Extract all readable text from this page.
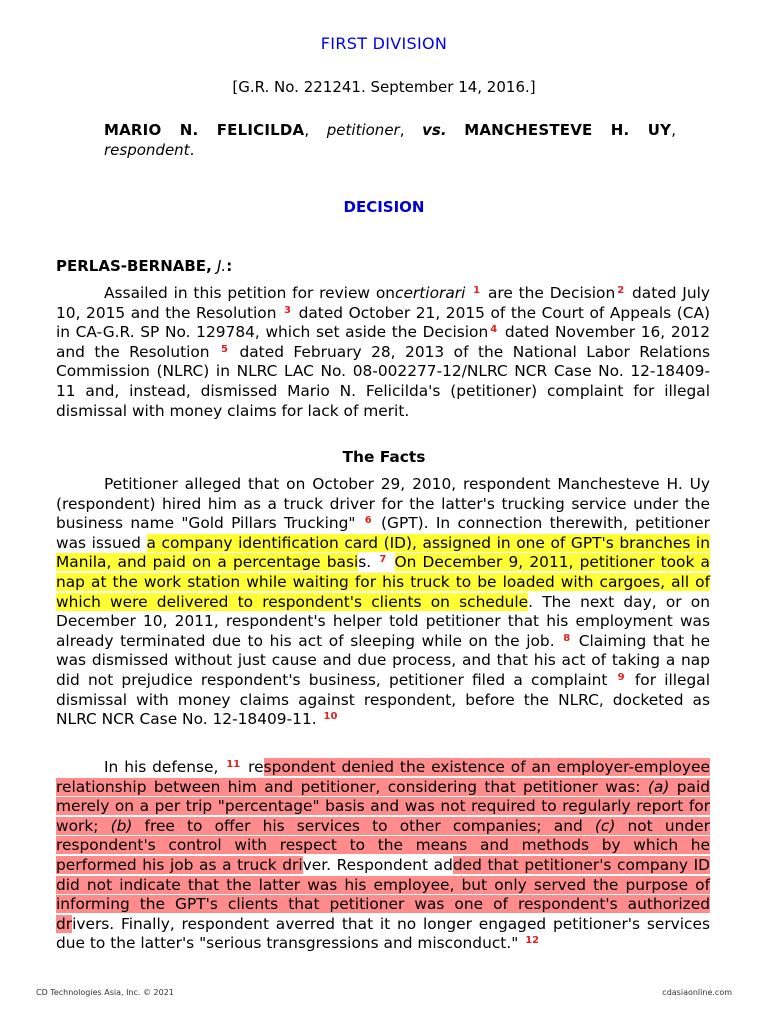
FIRST DIVISION
[G.R. No. 221241. September 14, 2016.]
MARIO N. FELICILDA, petitioner, vs. MANCHESTEVE H. UY, respondent.
DECISION
PERLAS-BERNABE, J.:
Assailed in this petition for review oncertiorari $^1$ are the Decision $^2$ dated July 10, 2015 and the Resolution $^3$ dated October 21, 2015 of the Court of Appeals (CA) in CA-G.R. SP No. 129784, which set aside the Decision $^4$ dated November 16, 2012 and the Resolution $^5$ dated February 28, 2013 of the National Labor Relations Commission (NLRC) in NLRC LAC No. 08-002277-12/NLRC NCR Case No. 12-18409-11 and, instead, dismissed Mario N. Felicilda's (petitioner) complaint for illegal dismissal with money claims for lack of merit.
The Facts
Petitioner alleged that on October 29, 2010, respondent Manchesteve H. Uy (respondent) hired him as a truck driver for the latter's trucking service under the business name "Gold Pillars Trucking" $^6$ (GPT). In connection therewith, petitioner was issued a company identification card (ID), assigned in one of GPT's branches in Manila, and paid on a percentage basis. $^7$ On December 9, 2011, petitioner took a nap at the work station while waiting for his truck to be loaded with cargoes, all of which were delivered to respondent's clients on schedule. The next day, or on December 10, 2011, respondent's helper told petitioner that his employment was already terminated due to his act of sleeping while on the job. $^8$ Claiming that he was dismissed without just cause and due process, and that his act of taking a nap did not prejudice respondent's business, petitioner filed a complaint $^9$ for illegal dismissal with money claims against respondent, before the NLRC, docketed as NLRC NCR Case No. 12-18409-11. $^{10}$
In his defense, $^{11}$ respondent denied the existence of an employer-employee relationship between him and petitioner, considering that petitioner was: (a) paid merely on a per trip "percentage" basis and was not required to regularly report for work; (b) free to offer his services to other companies; and (c) not under respondent's control with respect to the means and methods by which he performed his job as a truck driver. Respondent added that petitioner's company ID did not indicate that the latter was his employee, but only served the purpose of informing the GPT's clients that petitioner was one of respondent's authorized drivers. Finally, respondent averred that it no longer engaged petitioner's services due to the latter's "serious transgressions and misconduct." $^{12}$
CD Technologies Asia, Inc. © 2021	cdasiaonline.com
